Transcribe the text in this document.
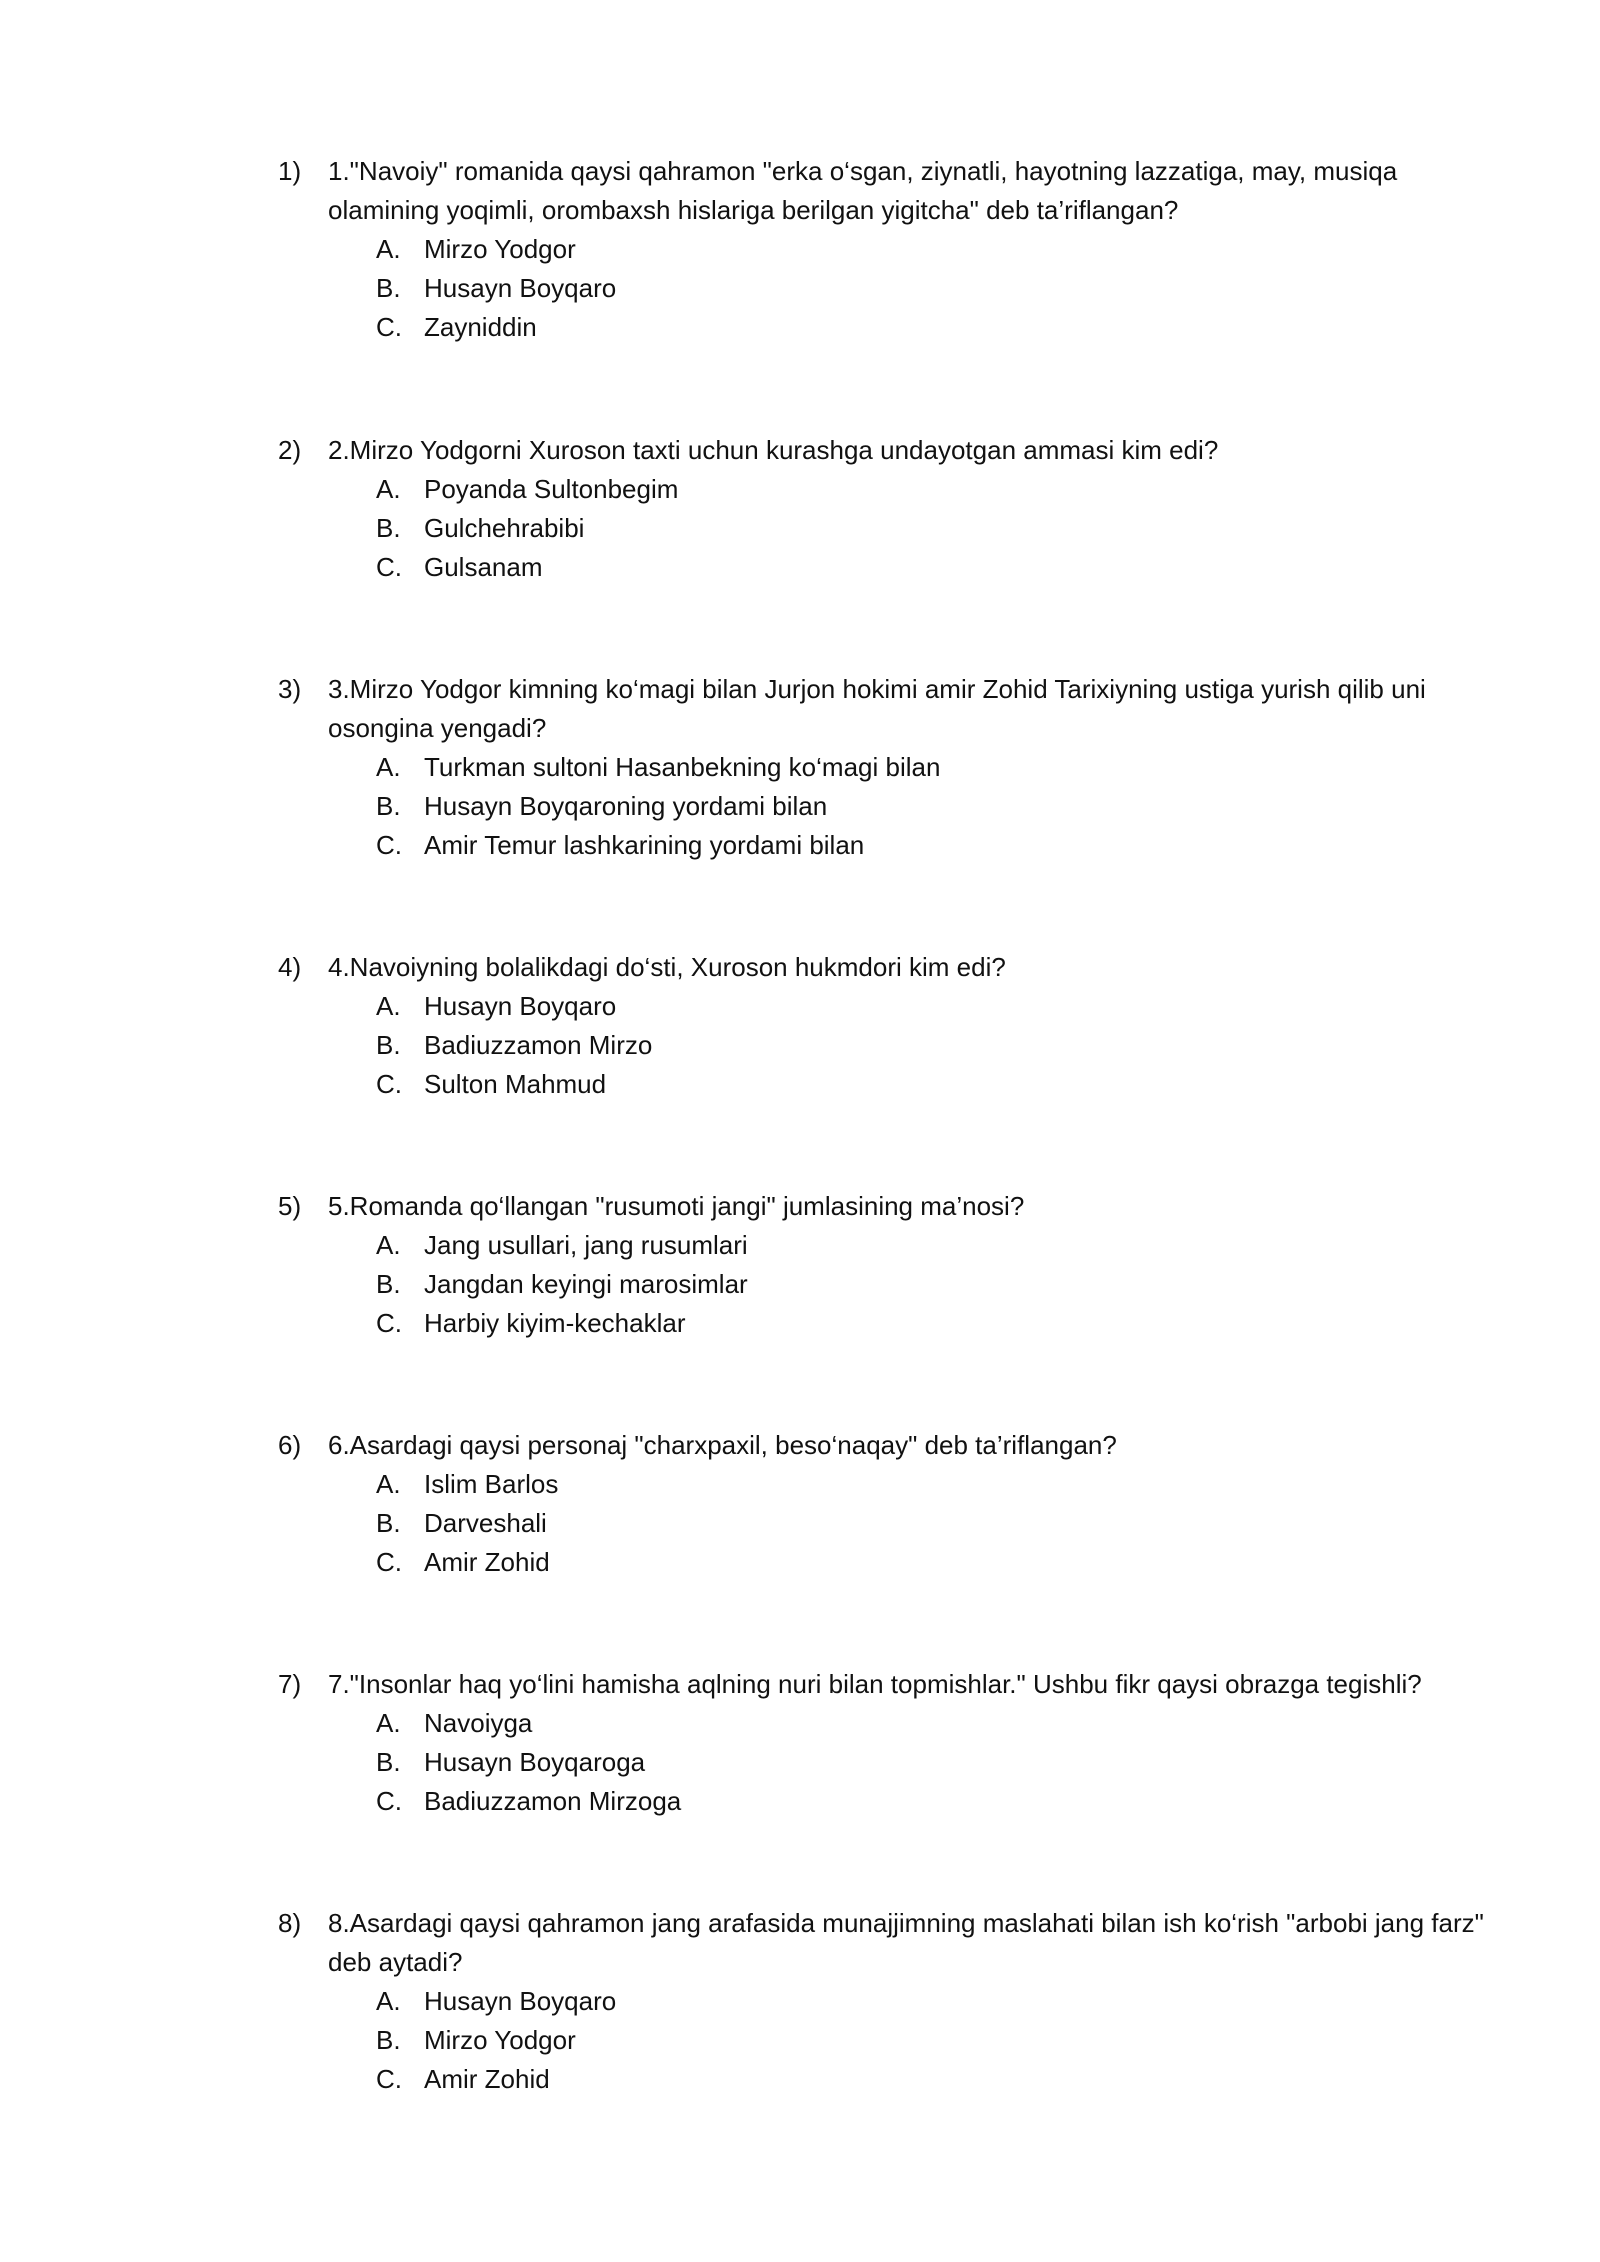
1)	1."Navoiy" romanida qaysi qahramon "erka o‘sgan, ziynatli, hayotning lazzatiga, may, musiqa olamining yoqimli, orombaxsh hislariga berilgan yigitcha" deb ta’riflangan?
A. Mirzo Yodgor
B. Husayn Boyqaro
C. Zayniddin
2)	2.Mirzo Yodgorni Xuroson taxti uchun kurashga undayotgan ammasi kim edi?
A. Poyanda Sultonbegim
B. Gulchehrabibi
C. Gulsanam
3)	3.Mirzo Yodgor kimning ko‘magi bilan Jurjon hokimi amir Zohid Tarixiyning ustiga yurish qilib uni osongina yengadi?
A. Turkman sultoni Hasanbekning ko‘magi bilan
B. Husayn Boyqaroning yordami bilan
C. Amir Temur lashkarining yordami bilan
4)	4.Navoiyning bolalikdagi do‘sti, Xuroson hukmdori kim edi?
A. Husayn Boyqaro
B. Badiuzzamon Mirzo
C. Sulton Mahmud
5)	5.Romanda qo‘llangan "rusumoti jangi" jumlasining ma’nosi?
A. Jang usullari, jang rusumlari
B. Jangdan keyingi marosimlar
C. Harbiy kiyim-kechaklar
6)	6.Asardagi qaysi personaj "charxpaxil, beso‘naqay" deb ta’riflangan?
A. Islim Barlos
B. Darveshali
C. Amir Zohid
7)	7."Insonlar haq yo‘lini hamisha aqlning nuri bilan topmishlar." Ushbu fikr qaysi obrazga tegishli?
A. Navoiyga
B. Husayn Boyqaroga
C. Badiuzzamon Mirzoga
8)	8.Asardagi qaysi qahramon jang arafasida munajjimning maslahati bilan ish ko‘rish "arbobi jang farz" deb aytadi?
A. Husayn Boyqaro
B. Mirzo Yodgor
C. Amir Zohid
